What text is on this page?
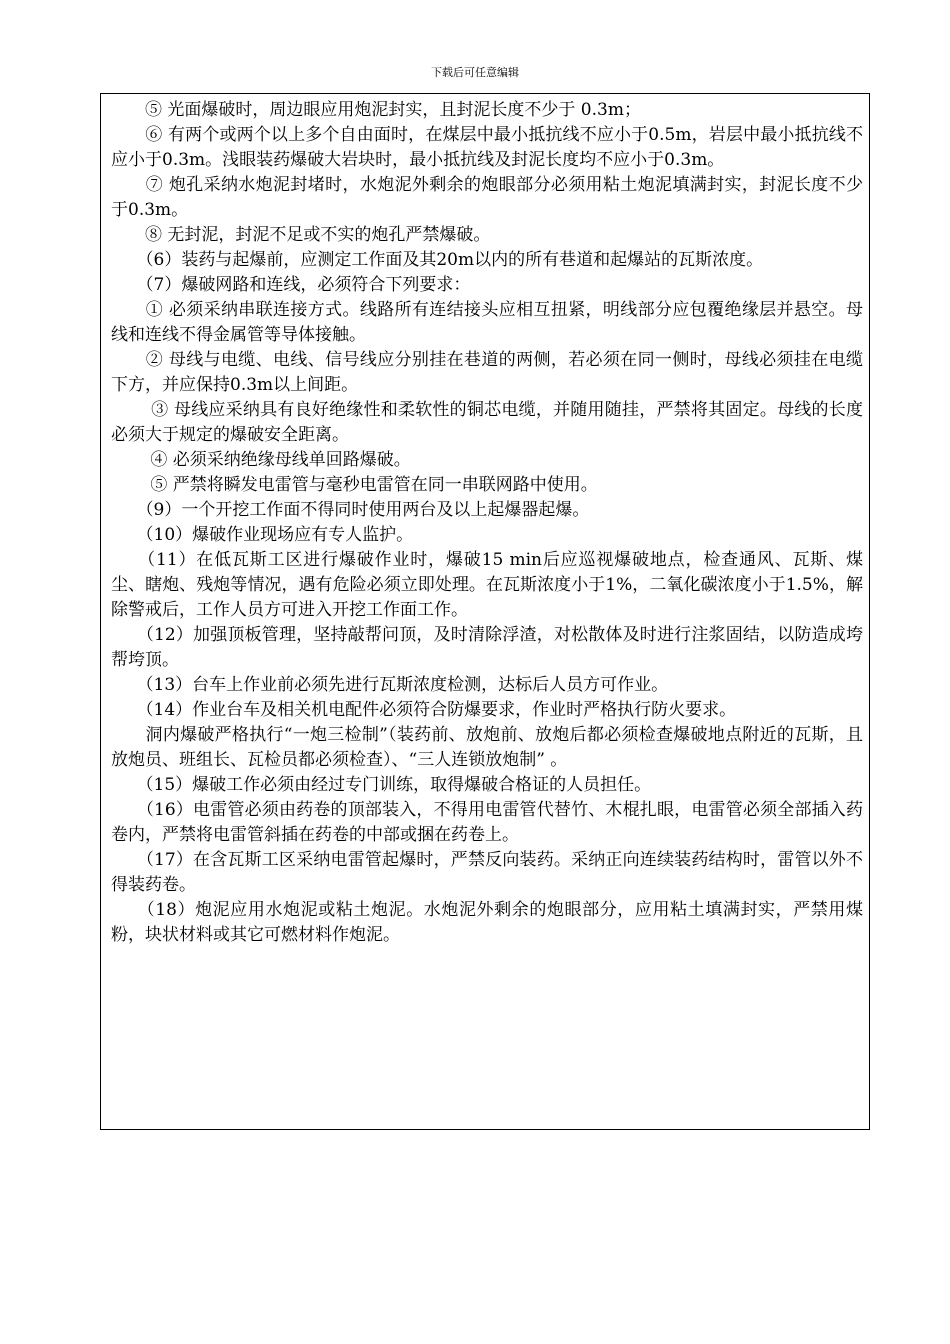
下载后可任意编辑

　　⑤ 光面爆破时，周边眼应用炮泥封实，且封泥长度不少于 0.3m；

　　⑥ 有两个或两个以上多个自由面时，在煤层中最小抵抗线不应小于0.5m，岩层中最小抵抗线不应小于0.3m。浅眼装药爆破大岩块时，最小抵抗线及封泥长度均不应小于0.3m。

　　⑦ 炮孔采纳水炮泥封堵时，水炮泥外剩余的炮眼部分必须用粘土炮泥填满封实，封泥长度不少于0.3m。

　　⑧ 无封泥，封泥不足或不实的炮孔严禁爆破。

　　（6）装药与起爆前，应测定工作面及其20m以内的所有巷道和起爆站的瓦斯浓度。

　　（7）爆破网路和连线，必须符合下列要求：

　　① 必须采纳串联连接方式。线路所有连结接头应相互扭紧，明线部分应包覆绝缘层并悬空。母线和连线不得金属管等导体接触。

　　② 母线与电缆、电线、信号线应分别挂在巷道的两侧，若必须在同一侧时，母线必须挂在电缆下方，并应保持0.3m以上间距。

　　 ③ 母线应采纳具有良好绝缘性和柔软性的铜芯电缆，并随用随挂，严禁将其固定。母线的长度必须大于规定的爆破安全距离。

　　 ④ 必须采纳绝缘母线单回路爆破。

　　 ⑤ 严禁将瞬发电雷管与毫秒电雷管在同一串联网路中使用。

　　（9）一个开挖工作面不得同时使用两台及以上起爆器起爆。

　　（10）爆破作业现场应有专人监护。

　　（11）在低瓦斯工区进行爆破作业时，爆破15 min后应巡视爆破地点，检查通风、瓦斯、煤尘、瞎炮、残炮等情况，遇有危险必须立即处理。在瓦斯浓度小于1%，二氧化碳浓度小于1.5%，解除警戒后，工作人员方可进入开挖工作面工作。

　　（12）加强顶板管理，坚持敲帮问顶，及时清除浮渣，对松散体及时进行注浆固结，以防造成垮帮垮顶。

　　（13）台车上作业前必须先进行瓦斯浓度检测，达标后人员方可作业。

　　（14）作业台车及相关机电配件必须符合防爆要求，作业时严格执行防火要求。

　　洞内爆破严格执行“一炮三检制”（装药前、放炮前、放炮后都必须检查爆破地点附近的瓦斯，且放炮员、班组长、瓦检员都必须检查）、“三人连锁放炮制” 。

　　（15）爆破工作必须由经过专门训练，取得爆破合格证的人员担任。

　　（16）电雷管必须由药卷的顶部装入，不得用电雷管代替竹、木棍扎眼，电雷管必须全部插入药卷内，严禁将电雷管斜插在药卷的中部或捆在药卷上。

　　（17）在含瓦斯工区采纳电雷管起爆时，严禁反向装药。采纳正向连续装药结构时，雷管以外不得装药卷。

　　（18）炮泥应用水炮泥或粘土炮泥。水炮泥外剩余的炮眼部分，应用粘土填满封实，严禁用煤粉，块状材料或其它可燃材料作炮泥。
